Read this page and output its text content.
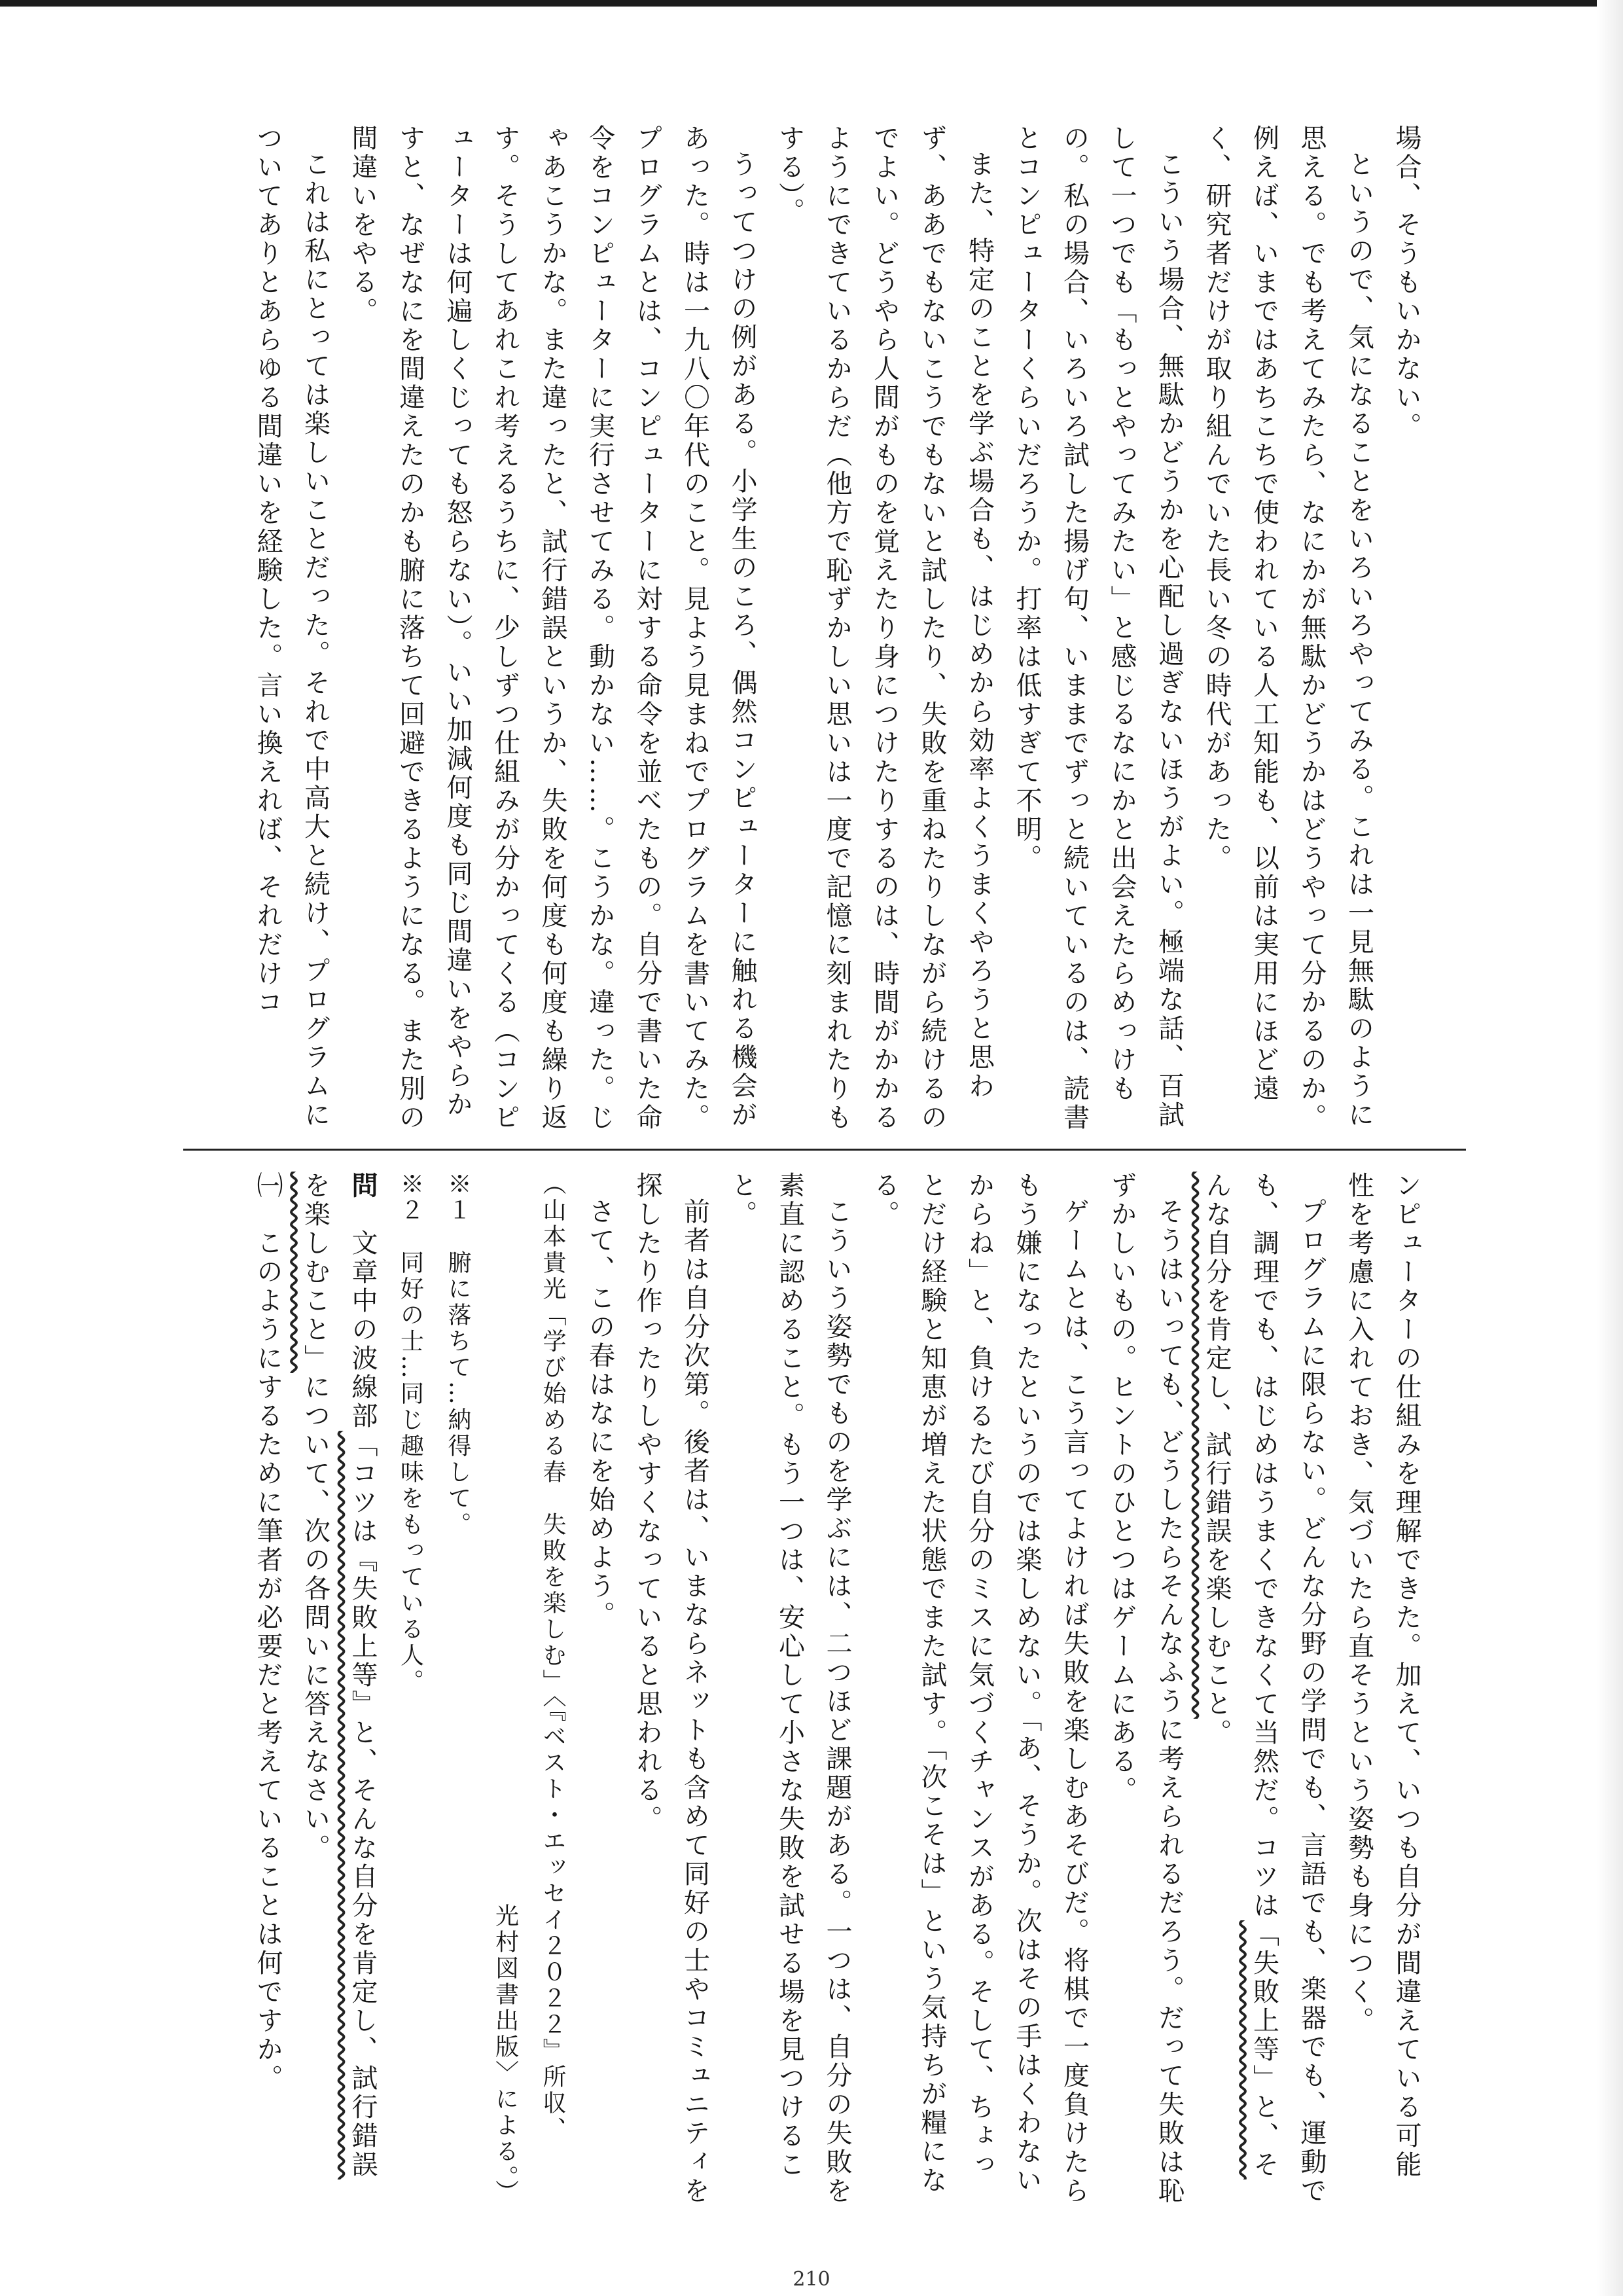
場合、そうもいかない。

というので、気になることをいろいろやってみる。これは一見無駄のように思える。でも考えてみたら、なにかが無駄かどうかはどうやって分かるのか。例えば、いまではあちこちで使われている人工知能も、以前は実用にほど遠く、研究者だけが取り組んでいた長い冬の時代があった。

こういう場合、無駄かどうかを心配し過ぎないほうがよい。極端な話、百試して一つでも「もっとやってみたい」と感じるなにかと出会えたらめっけもの。私の場合、いろいろ試した揚げ句、いままでずっと続いているのは、読書とコンピューターくらいだろうか。打率は低すぎて不明。

また、特定のことを学ぶ場合も、はじめから効率よくうまくやろうと思わず、ああでもないこうでもないと試したり、失敗を重ねたりしながら続けるのでよい。どうやら人間がものを覚えたり身につけたりするのは、時間がかかるようにできているからだ（他方で恥ずかしい思いは一度で記憶に刻まれたりもする）。

うってつけの例がある。小学生のころ、偶然コンピューターに触れる機会があった。時は一九八〇年代のこと。見よう見まねでプログラムを書いてみた。プログラムとは、コンピューターに対する命令を並べたもの。自分で書いた命令をコンピューターに実行させてみる。動かない……。こうかな。違った。じゃあこうかな。また違ったと、試行錯誤というか、失敗を何度も何度も繰り返す。そうしてあれこれ考えるうちに、少しずつ仕組みが分かってくる（コンピューターは何遍しくじっても怒らない）。いい加減何度も同じ間違いをやらかすと、なぜなにを間違えたのかも腑に落ちて回避できるようになる。また別の間違いをやる。

これは私にとっては楽しいことだった。それで中高大と続け、プログラムについてありとあらゆる間違いを経験した。言い換えれば、それだけコ

ンピューターの仕組みを理解できた。加えて、いつも自分が間違えている可能性を考慮に入れておき、気づいたら直そうという姿勢も身につく。

プログラムに限らない。どんな分野の学問でも、言語でも、楽器でも、運動でも、調理でも、はじめはうまくできなくて当然だ。コツは「失敗上等」と、そんな自分を肯定し、試行錯誤を楽しむこと。

そうはいっても、どうしたらそんなふうに考えられるだろう。だって失敗は恥ずかしいもの。ヒントのひとつはゲームにある。

ゲームとは、こう言ってよければ失敗を楽しむあそびだ。将棋で一度負けたらもう嫌になったというのでは楽しめない。「あ、そうか。次はその手はくわないからね」と、負けるたび自分のミスに気づくチャンスがある。そして、ちょっとだけ経験と知恵が増えた状態でまた試す。「次こそは」という気持ちが糧になる。

こういう姿勢でものを学ぶには、二つほど課題がある。一つは、自分の失敗を素直に認めること。もう一つは、安心して小さな失敗を試せる場を見つけること。

前者は自分次第。後者は、いまならネットも含めて同好の士やコミュニティを探したり作ったりしやすくなっていると思われる。

さて、この春はなにを始めよう。

（山本貴光「学び始める春　失敗を楽しむ」〈『ベスト・エッセイ２０２２』所収、

光村図書出版〉による。）

※１　腑に落ちて…納得して。

※２　同好の士…同じ趣味をもっている人。

問　文章中の波線部「コツは『失敗上等』と、そんな自分を肯定し、試行錯誤を楽しむこと」について、次の各問いに答えなさい。

㈠　このようにするために筆者が必要だと考えていることは何ですか。

210
